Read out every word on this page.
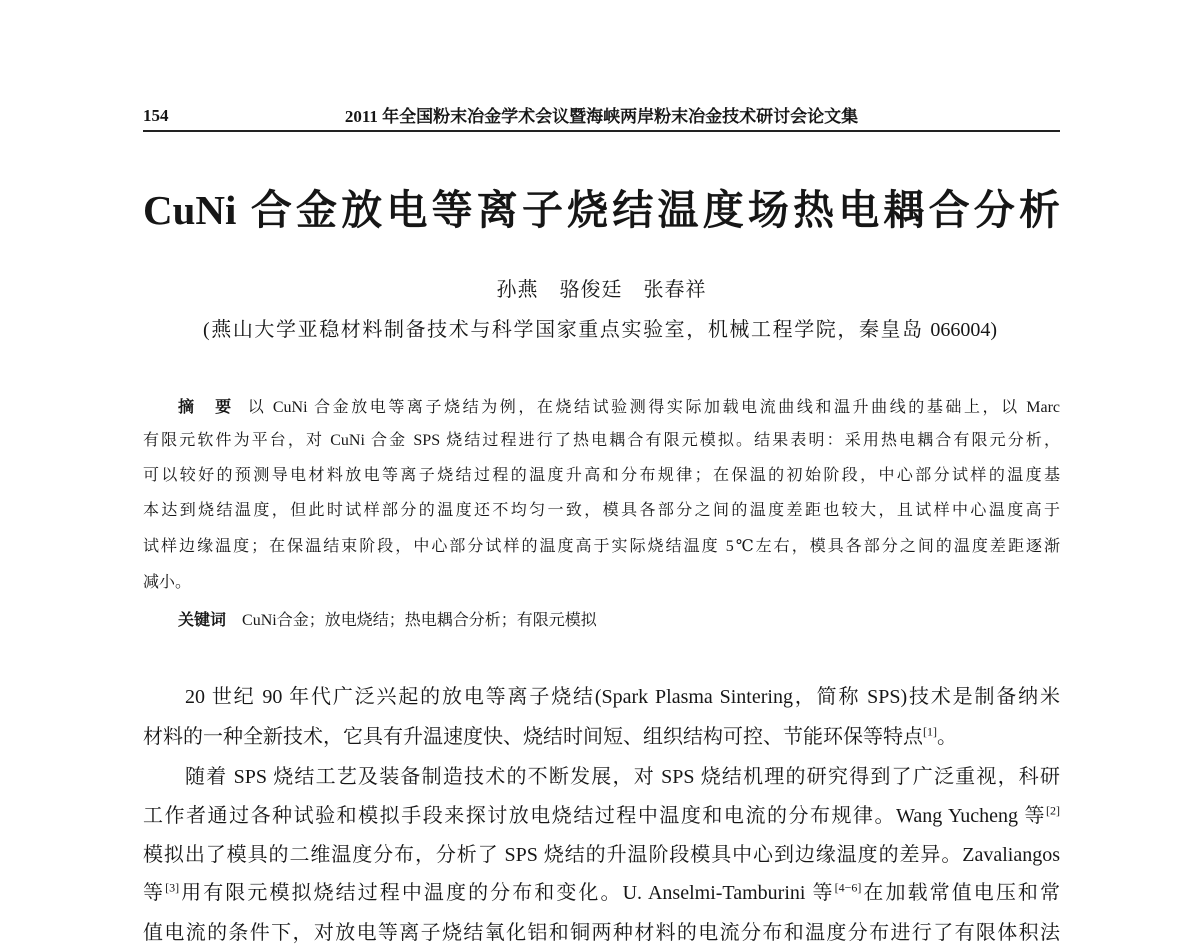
154	2011 年全国粉末冶金学术会议暨海峡两岸粉末冶金技术研讨会论文集
CuNi 合金放电等离子烧结温度场热电耦合分析
孙燕　骆俊廷　张春祥
(燕山大学亚稳材料制备技术与科学国家重点实验室，机械工程学院，秦皇岛 066004)
摘　要 以 CuNi 合金放电等离子烧结为例，在烧结试验测得实际加载电流曲线和温升曲线的基础上，以 Marc
有限元软件为平台，对 CuNi 合金 SPS 烧结过程进行了热电耦合有限元模拟。结果表明：采用热电耦合有限元分析，
可以较好的预测导电材料放电等离子烧结过程的温度升高和分布规律；在保温的初始阶段，中心部分试样的温度基
本达到烧结温度，但此时试样部分的温度还不均匀一致，模具各部分之间的温度差距也较大，且试样中心温度高于
试样边缘温度；在保温结束阶段，中心部分试样的温度高于实际烧结温度 5℃左右，模具各部分之间的温度差距逐渐
减小。
关键词 CuNi合金；放电烧结；热电耦合分析；有限元模拟
20 世纪 90 年代广泛兴起的放电等离子烧结(Spark Plasma Sintering，简称 SPS)技术是制备纳米
材料的一种全新技术，它具有升温速度快、烧结时间短、组织结构可控、节能环保等特点[1]。
随着 SPS 烧结工艺及装备制造技术的不断发展，对 SPS 烧结机理的研究得到了广泛重视，科研
工作者通过各种试验和模拟手段来探讨放电烧结过程中温度和电流的分布规律。Wang Yucheng 等[2]
模拟出了模具的二维温度分布，分析了 SPS 烧结的升温阶段模具中心到边缘温度的差异。Zavaliangos
等[3]用有限元模拟烧结过程中温度的分布和变化。U. Anselmi-Tamburini 等[4−6]在加载常值电压和常
值电流的条件下，对放电等离子烧结氧化铝和铜两种材料的电流分布和温度分布进行了有限体积法
